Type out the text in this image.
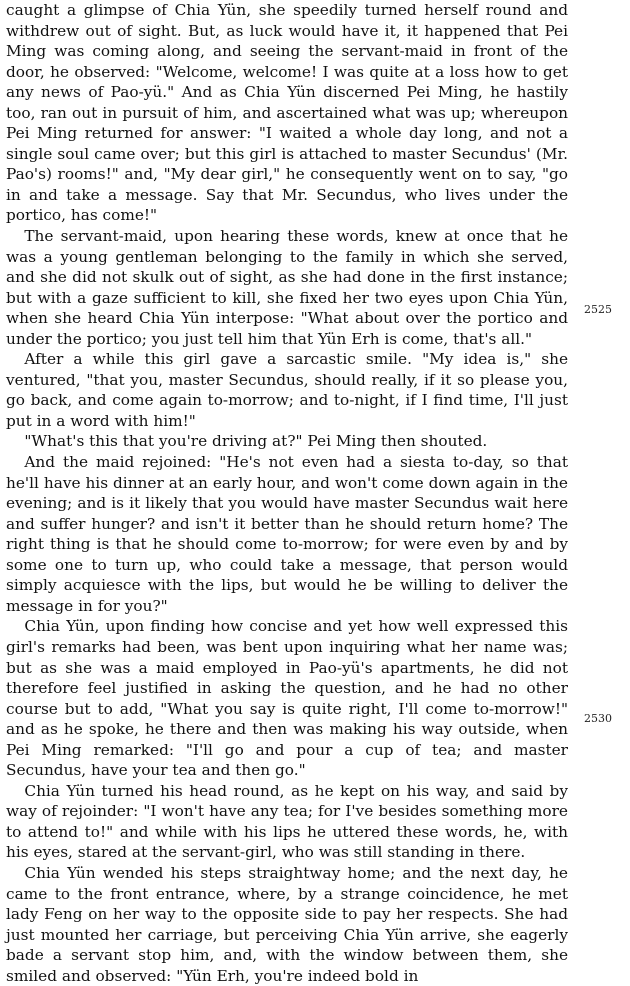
caught a glimpse of Chia Yün, she speedily turned herself round and withdrew out of sight. But, as luck would have it, it happened that Pei Ming was coming along, and seeing the servant-maid in front of the door, he observed: "Welcome, welcome! I was quite at a loss how to get any news of Pao-yü." And as Chia Yün discerned Pei Ming, he hastily too, ran out in pursuit of him, and ascertained what was up; whereupon Pei Ming returned for answer: "I waited a whole day long, and not a single soul came over; but this girl is attached to master Secundus' (Mr. Pao's) rooms!" and, "My dear girl," he consequently went on to say, "go in and take a message. Say that Mr. Secundus, who lives under the portico, has come!"

The servant-maid, upon hearing these words, knew at once that he was a young gentleman belonging to the family in which she served, and she did not skulk out of sight, as she had done in the first instance; but with a gaze sufficient to kill, she fixed her two eyes upon Chia Yün, when she heard Chia Yün interpose: "What about over the portico and under the portico; you just tell him that Yün Erh is come, that's all."

After a while this girl gave a sarcastic smile. "My idea is," she ventured, "that you, master Secundus, should really, if it so please you, go back, and come again to-morrow; and to-night, if I find time, I'll just put in a word with him!"

"What's this that you're driving at?" Pei Ming then shouted.

And the maid rejoined: "He's not even had a siesta to-day, so that he'll have his dinner at an early hour, and won't come down again in the evening; and is it likely that you would have master Secundus wait here and suffer hunger? and isn't it better than he should return home? The right thing is that he should come to-morrow; for were even by and by some one to turn up, who could take a message, that person would simply acquiesce with the lips, but would he be willing to deliver the message in for you?"

Chia Yün, upon finding how concise and yet how well expressed this girl's remarks had been, was bent upon inquiring what her name was; but as she was a maid employed in Pao-yü's apartments, he did not therefore feel justified in asking the question, and he had no other course but to add, "What you say is quite right, I'll come to-morrow!" and as he spoke, he there and then was making his way outside, when Pei Ming remarked: "I'll go and pour a cup of tea; and master Secundus, have your tea and then go."

Chia Yün turned his head round, as he kept on his way, and said by way of rejoinder: "I won't have any tea; for I've besides something more to attend to!" and while with his lips he uttered these words, he, with his eyes, stared at the servant-girl, who was still standing in there.

Chia Yün wended his steps straightway home; and the next day, he came to the front entrance, where, by a strange coincidence, he met lady Feng on her way to the opposite side to pay her respects. She had just mounted her carriage, but perceiving Chia Yün arrive, she eagerly bade a servant stop him, and, with the window between them, she smiled and observed: "Yün Erh, you're indeed bold in

2525
2530
